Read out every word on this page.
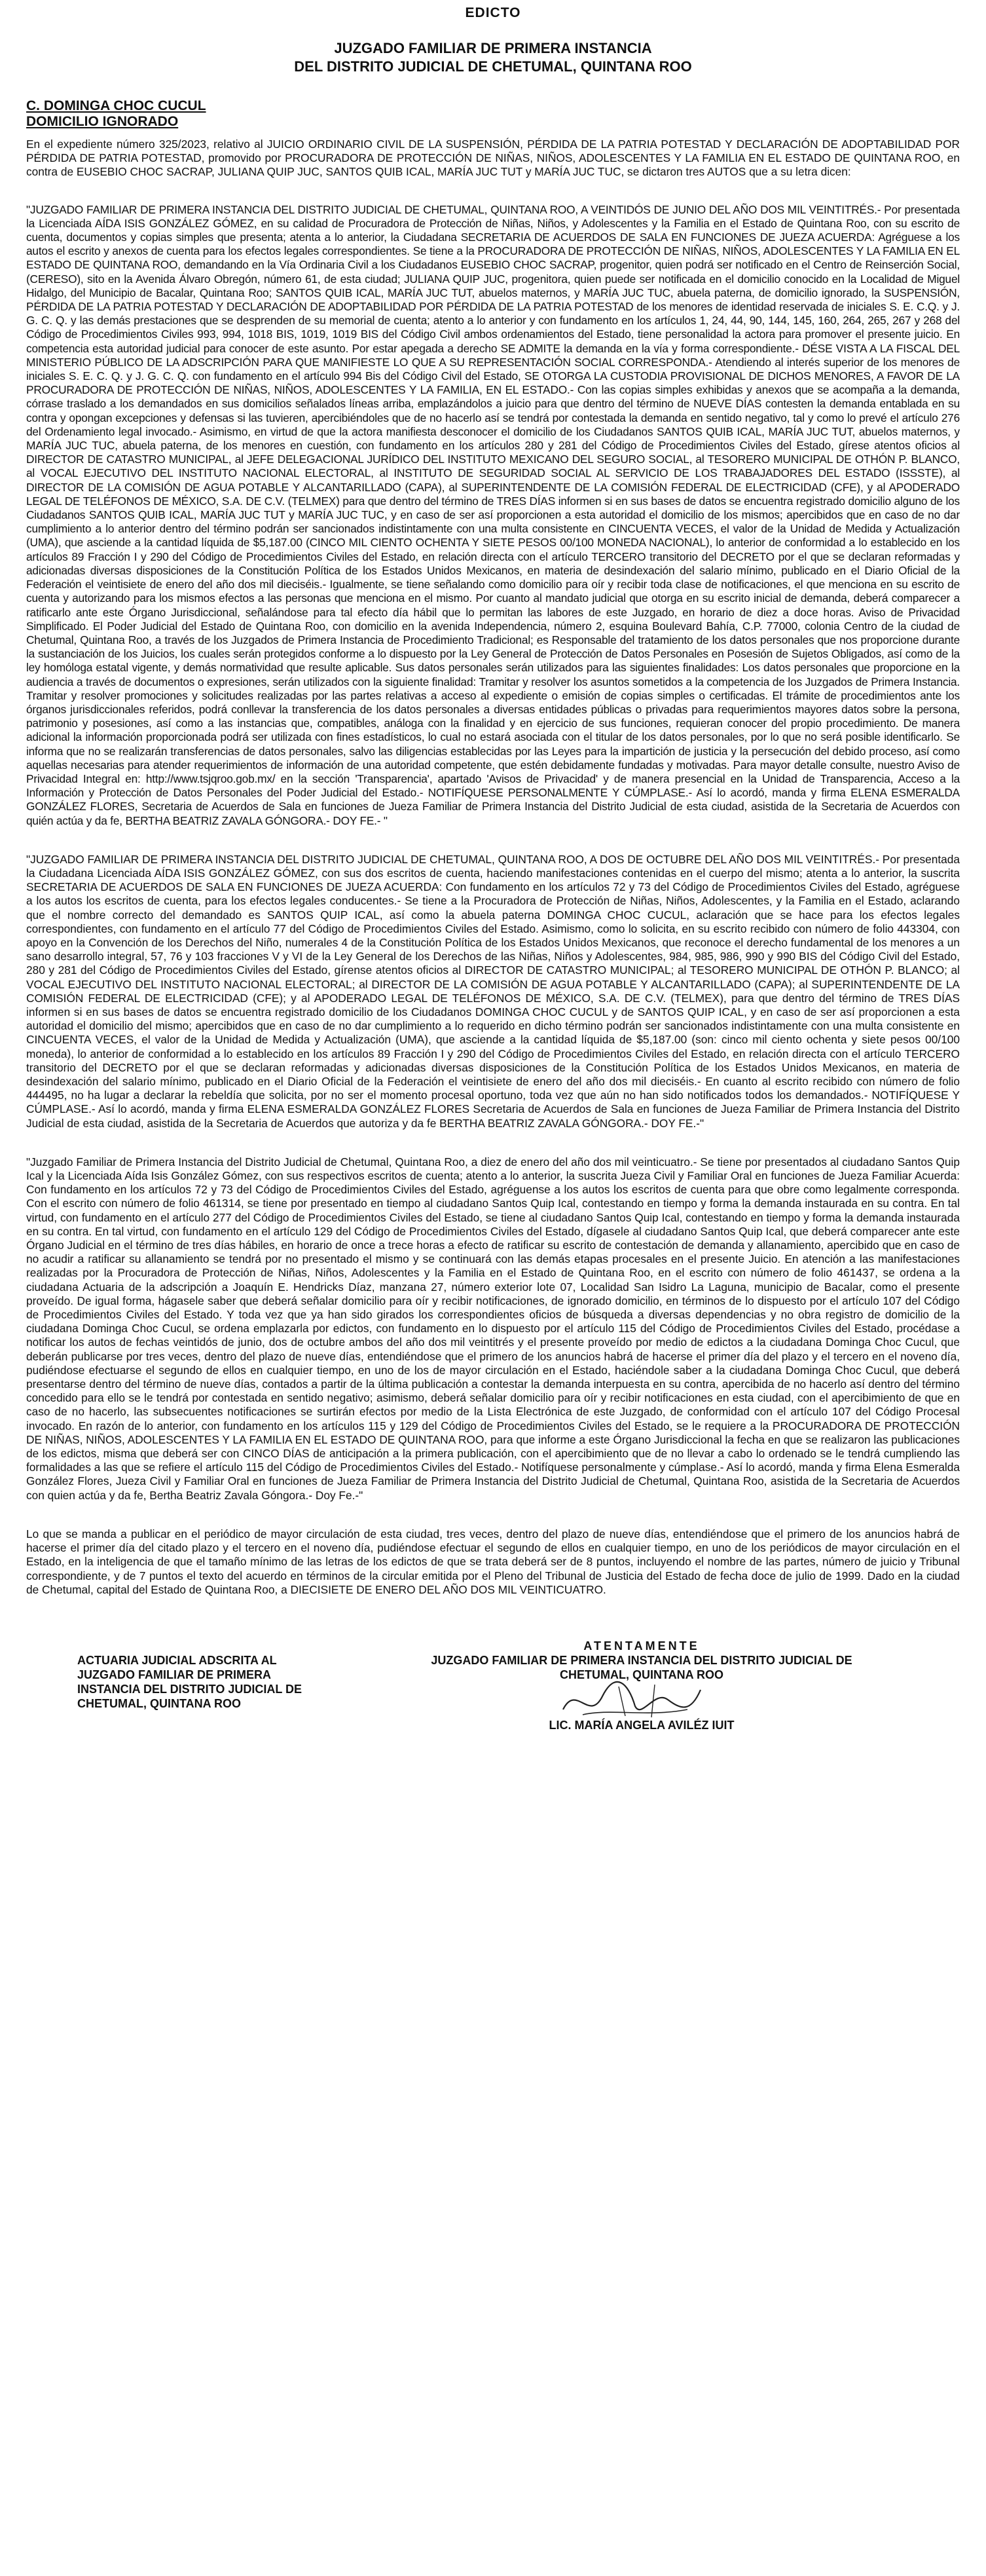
EDICTO
JUZGADO FAMILIAR DE PRIMERA INSTANCIA
DEL DISTRITO JUDICIAL DE CHETUMAL, QUINTANA ROO
C. DOMINGA CHOC CUCUL
DOMICILIO IGNORADO

En el expediente número 325/2023, relativo al JUICIO ORDINARIO CIVIL DE LA SUSPENSIÓN, PÉRDIDA DE LA PATRIA POTESTAD Y DECLARACIÓN DE ADOPTABILIDAD POR PÉRDIDA DE PATRIA POTESTAD, promovido por PROCURADORA DE PROTECCIÓN DE NIÑAS, NIÑOS, ADOLESCENTES Y LA FAMILIA EN EL ESTADO DE QUINTANA ROO, en contra de EUSEBIO CHOC SACRAP, JULIANA QUIP JUC, SANTOS QUIB ICAL, MARÍA JUC TUT y MARÍA JUC TUC, se dictaron tres AUTOS que a su letra dicen:

"JUZGADO FAMILIAR DE PRIMERA INSTANCIA DEL DISTRITO JUDICIAL DE CHETUMAL, QUINTANA ROO, A VEINTIDÓS DE JUNIO DEL AÑO DOS MIL VEINTITRÉS.- Por presentada la Licenciada AÍDA ISIS GONZÁLEZ GÓMEZ, en su calidad de Procuradora de Protección de Niñas, Niños, y Adolescentes y la Familia en el Estado de Quintana Roo, con su escrito de cuenta, documentos y copias simples que presenta; atenta a lo anterior, la Ciudadana SECRETARIA DE ACUERDOS DE SALA EN FUNCIONES DE JUEZA ACUERDA: Agréguese a los autos el escrito y anexos de cuenta para los efectos legales correspondientes. Se tiene a la PROCURADORA DE PROTECCIÓN DE NIÑAS, NIÑOS, ADOLESCENTES Y LA FAMILIA EN EL ESTADO DE QUINTANA ROO, demandando en la Vía Ordinaria Civil a los Ciudadanos EUSEBIO CHOC SACRAP, progenitor, quien podrá ser notificado en el Centro de Reinserción Social, (CERESO), sito en la Avenida Álvaro Obregón, número 61, de esta ciudad; JULIANA QUIP JUC, progenitora, quien puede ser notificada en el domicilio conocido en la Localidad de Miguel Hidalgo, del Municipio de Bacalar, Quintana Roo; SANTOS QUIB ICAL, MARÍA JUC TUT, abuelos maternos, y MARÍA JUC TUC, abuela paterna, de domicilio ignorado, la SUSPENSIÓN, PÉRDIDA DE LA PATRIA POTESTAD Y DECLARACIÓN DE ADOPTABILIDAD POR PÉRDIDA DE LA PATRIA POTESTAD de los menores de identidad reservada de iniciales S. E. C.Q. y J. G. C. Q. y las demás prestaciones que se desprenden de su memorial de cuenta; atento a lo anterior y con fundamento en los artículos 1, 24, 44, 90, 144, 145, 160, 264, 265, 267 y 268 del Código de Procedimientos Civiles 993, 994, 1018 BIS, 1019, 1019 BIS del Código Civil ambos ordenamientos del Estado, tiene personalidad la actora para promover el presente juicio. En competencia esta autoridad judicial para conocer de este asunto. Por estar apegada a derecho SE ADMITE la demanda en la vía y forma correspondiente.- DÉSE VISTA A LA FISCAL DEL MINISTERIO PÚBLICO DE LA ADSCRIPCIÓN PARA QUE MANIFIESTE LO QUE A SU REPRESENTACIÓN SOCIAL CORRESPONDA.- Atendiendo al interés superior de los menores de iniciales S. E. C. Q. y J. G. C. Q. con fundamento en el artículo 994 Bis del Código Civil del Estado, SE OTORGA LA CUSTODIA PROVISIONAL DE DICHOS MENORES, A FAVOR DE LA PROCURADORA DE PROTECCIÓN DE NIÑAS, NIÑOS, ADOLESCENTES Y LA FAMILIA, EN EL ESTADO.- Con las copias simples exhibidas y anexos que se acompaña a la demanda, córrase traslado a los demandados en sus domicilios señalados líneas arriba, emplazándolos a juicio para que dentro del término de NUEVE DÍAS contesten la demanda entablada en su contra y opongan excepciones y defensas si las tuvieren, apercibiéndoles que de no hacerlo así se tendrá por contestada la demanda en sentido negativo, tal y como lo prevé el artículo 276 del Ordenamiento legal invocado.- Asimismo, en virtud de que la actora manifiesta desconocer el domicilio de los Ciudadanos SANTOS QUIB ICAL, MARÍA JUC TUT, abuelos maternos, y MARÍA JUC TUC, abuela paterna, de los menores en cuestión, con fundamento en los artículos 280 y 281 del Código de Procedimientos Civiles del Estado, gírese atentos oficios al DIRECTOR DE CATASTRO MUNICIPAL, al JEFE DELEGACIONAL JURÍDICO DEL INSTITUTO MEXICANO DEL SEGURO SOCIAL, al TESORERO MUNICIPAL DE OTHÓN P. BLANCO, al VOCAL EJECUTIVO DEL INSTITUTO NACIONAL ELECTORAL, al INSTITUTO DE SEGURIDAD SOCIAL AL SERVICIO DE LOS TRABAJADORES DEL ESTADO (ISSSTE), al DIRECTOR DE LA COMISIÓN DE AGUA POTABLE Y ALCANTARILLADO (CAPA), al SUPERINTENDENTE DE LA COMISIÓN FEDERAL DE ELECTRICIDAD (CFE), y al APODERADO LEGAL DE TELÉFONOS DE MÉXICO, S.A. DE C.V. (TELMEX) para que dentro del término de TRES DÍAS informen si en sus bases de datos se encuentra registrado domicilio alguno de los Ciudadanos SANTOS QUIB ICAL, MARÍA JUC TUT y MARÍA JUC TUC, y en caso de ser así proporcionen a esta autoridad el domicilio de los mismos; apercibidos que en caso de no dar cumplimiento a lo anterior dentro del término podrán ser sancionados indistintamente con una multa consistente en CINCUENTA VECES, el valor de la Unidad de Medida y Actualización (UMA), que asciende a la cantidad líquida de $5,187.00 (CINCO MIL CIENTO OCHENTA Y SIETE PESOS 00/100 MONEDA NACIONAL), lo anterior de conformidad a lo establecido en los artículos 89 Fracción I y 290 del Código de Procedimientos Civiles del Estado, en relación directa con el artículo TERCERO transitorio del DECRETO por el que se declaran reformadas y adicionadas diversas disposiciones de la Constitución Política de los Estados Unidos Mexicanos, en materia de desindexación del salario mínimo, publicado en el Diario Oficial de la Federación el veintisiete de enero del año dos mil dieciséis.- Igualmente, se tiene señalando como domicilio para oír y recibir toda clase de notificaciones, el que menciona en su escrito de cuenta y autorizando para los mismos efectos a las personas que menciona en el mismo. Por cuanto al mandato judicial que otorga en su escrito inicial de demanda, deberá comparecer a ratificarlo ante este Órgano Jurisdiccional, señalándose para tal efecto día hábil que lo permitan las labores de este Juzgado, en horario de diez a doce horas. Aviso de Privacidad Simplificado. El Poder Judicial del Estado de Quintana Roo, con domicilio en la avenida Independencia, número 2, esquina Boulevard Bahía, C.P. 77000, colonia Centro de la ciudad de Chetumal, Quintana Roo, a través de los Juzgados de Primera Instancia de Procedimiento Tradicional; es Responsable del tratamiento de los datos personales que nos proporcione durante la sustanciación de los Juicios, los cuales serán protegidos conforme a lo dispuesto por la Ley General de Protección de Datos Personales en Posesión de Sujetos Obligados, así como de la ley homóloga estatal vigente, y demás normatividad que resulte aplicable. Sus datos personales serán utilizados para las siguientes finalidades: Los datos personales que proporcione en la audiencia a través de documentos o expresiones, serán utilizados con la siguiente finalidad: Tramitar y resolver los asuntos sometidos a la competencia de los Juzgados de Primera Instancia. Tramitar y resolver promociones y solicitudes realizadas por las partes relativas a acceso al expediente o emisión de copias simples o certificadas. El trámite de procedimientos ante los órganos jurisdiccionales referidos, podrá conllevar la transferencia de los datos personales a diversas entidades públicas o privadas para requerimientos mayores datos sobre la persona, patrimonio y posesiones, así como a las instancias que, compatibles, análoga con la finalidad y en ejercicio de sus funciones, requieran conocer del propio procedimiento. De manera adicional la información proporcionada podrá ser utilizada con fines estadísticos, lo cual no estará asociada con el titular de los datos personales, por lo que no será posible identificarlo. Se informa que no se realizarán transferencias de datos personales, salvo las diligencias establecidas por las Leyes para la impartición de justicia y la persecución del debido proceso, así como aquellas necesarias para atender requerimientos de información de una autoridad competente, que estén debidamente fundadas y motivadas. Para mayor detalle consulte, nuestro Aviso de Privacidad Integral en: http://www.tsjqroo.gob.mx/ en la sección 'Transparencia', apartado 'Avisos de Privacidad' y de manera presencial en la Unidad de Transparencia, Acceso a la Información y Protección de Datos Personales del Poder Judicial del Estado.- NOTIFÍQUESE PERSONALMENTE Y CÚMPLASE.- Así lo acordó, manda y firma ELENA ESMERALDA GONZÁLEZ FLORES, Secretaria de Acuerdos de Sala en funciones de Jueza Familiar de Primera Instancia del Distrito Judicial de esta ciudad, asistida de la Secretaria de Acuerdos con quién actúa y da fe, BERTHA BEATRIZ ZAVALA GÓNGORA.- DOY FE.- "

"JUZGADO FAMILIAR DE PRIMERA INSTANCIA DEL DISTRITO JUDICIAL DE CHETUMAL, QUINTANA ROO, A DOS DE OCTUBRE DEL AÑO DOS MIL VEINTITRÉS.- Por presentada la Ciudadana Licenciada AÍDA ISIS GONZÁLEZ GÓMEZ, con sus dos escritos de cuenta, haciendo manifestaciones contenidas en el cuerpo del mismo; atenta a lo anterior, la suscrita SECRETARIA DE ACUERDOS DE SALA EN FUNCIONES DE JUEZA ACUERDA: Con fundamento en los artículos 72 y 73 del Código de Procedimientos Civiles del Estado, agréguese a los autos los escritos de cuenta, para los efectos legales conducentes.- Se tiene a la Procuradora de Protección de Niñas, Niños, Adolescentes, y la Familia en el Estado, aclarando que el nombre correcto del demandado es SANTOS QUIP ICAL, así como la abuela paterna DOMINGA CHOC CUCUL, aclaración que se hace para los efectos legales correspondientes, con fundamento en el artículo 77 del Código de Procedimientos Civiles del Estado. Asimismo, como lo solicita, en su escrito recibido con número de folio 443304, con apoyo en la Convención de los Derechos del Niño, numerales 4 de la Constitución Política de los Estados Unidos Mexicanos, que reconoce el derecho fundamental de los menores a un sano desarrollo integral, 57, 76 y 103 fracciones V y VI de la Ley General de los Derechos de las Niñas, Niños y Adolescentes, 984, 985, 986, 990 y 990 BIS del Código Civil del Estado, 280 y 281 del Código de Procedimientos Civiles del Estado, gírense atentos oficios al DIRECTOR DE CATASTRO MUNICIPAL; al TESORERO MUNICIPAL DE OTHÓN P. BLANCO; al VOCAL EJECUTIVO DEL INSTITUTO NACIONAL ELECTORAL; al DIRECTOR DE LA COMISIÓN DE AGUA POTABLE Y ALCANTARILLADO (CAPA); al SUPERINTENDENTE DE LA COMISIÓN FEDERAL DE ELECTRICIDAD (CFE); y al APODERADO LEGAL DE TELÉFONOS DE MÉXICO, S.A. DE C.V. (TELMEX), para que dentro del término de TRES DÍAS informen si en sus bases de datos se encuentra registrado domicilio de los Ciudadanos DOMINGA CHOC CUCUL y de SANTOS QUIP ICAL, y en caso de ser así proporcionen a esta autoridad el domicilio del mismo; apercibidos que en caso de no dar cumplimiento a lo requerido en dicho término podrán ser sancionados indistintamente con una multa consistente en CINCUENTA VECES, el valor de la Unidad de Medida y Actualización (UMA), que asciende a la cantidad líquida de $5,187.00 (son: cinco mil ciento ochenta y siete pesos 00/100 moneda), lo anterior de conformidad a lo establecido en los artículos 89 Fracción I y 290 del Código de Procedimientos Civiles del Estado, en relación directa con el artículo TERCERO transitorio del DECRETO por el que se declaran reformadas y adicionadas diversas disposiciones de la Constitución Política de los Estados Unidos Mexicanos, en materia de desindexación del salario mínimo, publicado en el Diario Oficial de la Federación el veintisiete de enero del año dos mil dieciséis.- En cuanto al escrito recibido con número de folio 444495, no ha lugar a declarar la rebeldía que solicita, por no ser el momento procesal oportuno, toda vez que aún no han sido notificados todos los demandados.- NOTIFÍQUESE Y CÚMPLASE.- Así lo acordó, manda y firma ELENA ESMERALDA GONZÁLEZ FLORES Secretaria de Acuerdos de Sala en funciones de Jueza Familiar de Primera Instancia del Distrito Judicial de esta ciudad, asistida de la Secretaria de Acuerdos que autoriza y da fe BERTHA BEATRIZ ZAVALA GÓNGORA.- DOY FE.-"

"Juzgado Familiar de Primera Instancia del Distrito Judicial de Chetumal, Quintana Roo, a diez de enero del año dos mil veinticuatro.- Se tiene por presentados al ciudadano Santos Quip Ical y la Licenciada Aída Isis González Gómez, con sus respectivos escritos de cuenta; atento a lo anterior, la suscrita Jueza Civil y Familiar Oral en funciones de Jueza Familiar Acuerda: Con fundamento en los artículos 72 y 73 del Código de Procedimientos Civiles del Estado, agréguense a los autos los escritos de cuenta para que obre como legalmente corresponda. Con el escrito con número de folio 461314, se tiene por presentado en tiempo al ciudadano Santos Quip Ical, contestando en tiempo y forma la demanda instaurada en su contra. En tal virtud, con fundamento en el artículo 277 del Código de Procedimientos Civiles del Estado, se tiene al ciudadano Santos Quip Ical, contestando en tiempo y forma la demanda instaurada en su contra. En tal virtud, con fundamento en el artículo 129 del Código de Procedimientos Civiles del Estado, dígasele al ciudadano Santos Quip Ical, que deberá comparecer ante este Órgano Judicial en el término de tres días hábiles, en horario de once a trece horas a efecto de ratificar su escrito de contestación de demanda y allanamiento, apercibido que en caso de no acudir a ratificar su allanamiento se tendrá por no presentado el mismo y se continuará con las demás etapas procesales en el presente Juicio. En atención a las manifestaciones realizadas por la Procuradora de Protección de Niñas, Niños, Adolescentes y la Familia en el Estado de Quintana Roo, en el escrito con número de folio 461437, se ordena a la ciudadana Actuaria de la adscripción a Joaquín E. Hendricks Díaz, manzana 27, número exterior lote 07, Localidad San Isidro La Laguna, municipio de Bacalar, como el presente proveído. De igual forma, hágasele saber que deberá señalar domicilio para oír y recibir notificaciones, de ignorado domicilio, en términos de lo dispuesto por el artículo 107 del Código de Procedimientos Civiles del Estado. Y toda vez que ya han sido girados los correspondientes oficios de búsqueda a diversas dependencias y no obra registro de domicilio de la ciudadana Dominga Choc Cucul, se ordena emplazarla por edictos, con fundamento en lo dispuesto por el artículo 115 del Código de Procedimientos Civiles del Estado, procédase a notificar los autos de fechas veintidós de junio, dos de octubre ambos del año dos mil veintitrés y el presente proveído por medio de edictos a la ciudadana Dominga Choc Cucul, que deberán publicarse por tres veces, dentro del plazo de nueve días, entendiéndose que el primero de los anuncios habrá de hacerse el primer día del plazo y el tercero en el noveno día, pudiéndose efectuarse el segundo de ellos en cualquier tiempo, en uno de los de mayor circulación en el Estado, haciéndole saber a la ciudadana Dominga Choc Cucul, que deberá presentarse dentro del término de nueve días, contados a partir de la última publicación a contestar la demanda interpuesta en su contra, apercibida de no hacerlo así dentro del término concedido para ello se le tendrá por contestada en sentido negativo; asimismo, deberá señalar domicilio para oír y recibir notificaciones en esta ciudad, con el apercibimiento de que en caso de no hacerlo, las subsecuentes notificaciones se surtirán efectos por medio de la Lista Electrónica de este Juzgado, de conformidad con el artículo 107 del Código Procesal invocado. En razón de lo anterior, con fundamento en los artículos 115 y 129 del Código de Procedimientos Civiles del Estado, se le requiere a la PROCURADORA DE PROTECCIÓN DE NIÑAS, NIÑOS, ADOLESCENTES Y LA FAMILIA EN EL ESTADO DE QUINTANA ROO, para que informe a este Órgano Jurisdiccional la fecha en que se realizaron las publicaciones de los edictos, misma que deberá ser con CINCO DÍAS de anticipación a la primera publicación, con el apercibimiento que de no llevar a cabo lo ordenado se le tendrá cumpliendo las formalidades a las que se refiere el artículo 115 del Código de Procedimientos Civiles del Estado.- Notifíquese personalmente y cúmplase.- Así lo acordó, manda y firma Elena Esmeralda González Flores, Jueza Civil y Familiar Oral en funciones de Jueza Familiar de Primera Instancia del Distrito Judicial de Chetumal, Quintana Roo, asistida de la Secretaria de Acuerdos con quien actúa y da fe, Bertha Beatriz Zavala Góngora.- Doy Fe.-"

Lo que se manda a publicar en el periódico de mayor circulación de esta ciudad, tres veces, dentro del plazo de nueve días, entendiéndose que el primero de los anuncios habrá de hacerse el primer día del citado plazo y el tercero en el noveno día, pudiéndose efectuar el segundo de ellos en cualquier tiempo, en uno de los periódicos de mayor circulación en el Estado, en la inteligencia de que el tamaño mínimo de las letras de los edictos de que se trata deberá ser de 8 puntos, incluyendo el nombre de las partes, número de juicio y Tribunal correspondiente, y de 7 puntos el texto del acuerdo en términos de la circular emitida por el Pleno del Tribunal de Justicia del Estado de fecha doce de julio de 1999. Dado en la ciudad de Chetumal, capital del Estado de Quintana Roo, a DIECISIETE DE ENERO DEL AÑO DOS MIL VEINTICUATRO.

ACTUARIA JUDICIAL ADSCRITA AL JUZGADO FAMILIAR DE PRIMERA INSTANCIA DEL DISTRITO JUDICIAL DE CHETUMAL, QUINTANA ROO
ATENTAMENTE
JUZGADO FAMILIAR DE PRIMERA INSTANCIA DEL DISTRITO JUDICIAL DE
CHETUMAL, QUINTANA ROO
LIC. MARÍA ANGELA AVILÉZ IUIT
